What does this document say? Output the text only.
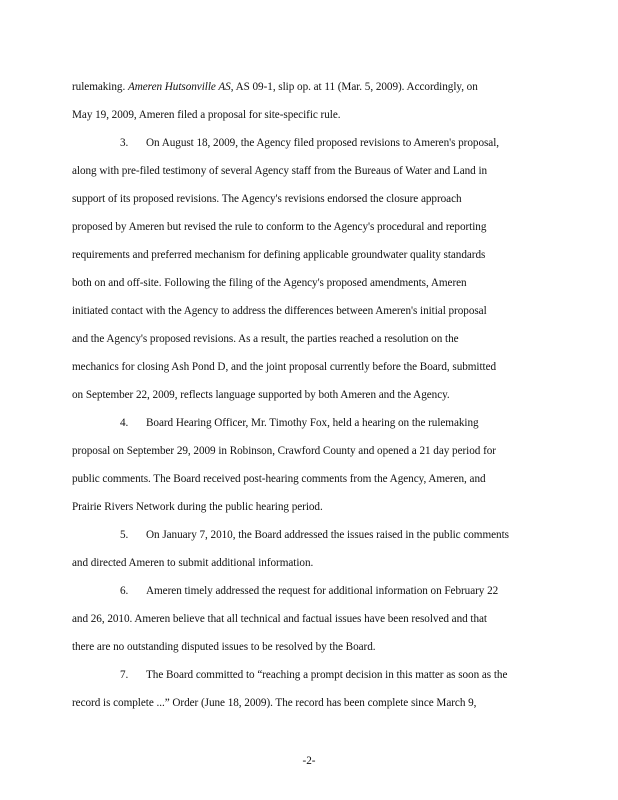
rulemaking. Ameren Hutsonville AS, AS 09-1, slip op. at 11 (Mar. 5, 2009). Accordingly, on
May 19, 2009, Ameren filed a proposal for site-specific rule.
3. On August 18, 2009, the Agency filed proposed revisions to Ameren's proposal,
along with pre-filed testimony of several Agency staff from the Bureaus of Water and Land in
support of its proposed revisions. The Agency's revisions endorsed the closure approach
proposed by Ameren but revised the rule to conform to the Agency's procedural and reporting
requirements and preferred mechanism for defining applicable groundwater quality standards
both on and off-site. Following the filing of the Agency's proposed amendments, Ameren
initiated contact with the Agency to address the differences between Ameren's initial proposal
and the Agency's proposed revisions. As a result, the parties reached a resolution on the
mechanics for closing Ash Pond D, and the joint proposal currently before the Board, submitted
on September 22, 2009, reflects language supported by both Ameren and the Agency.
4. Board Hearing Officer, Mr. Timothy Fox, held a hearing on the rulemaking
proposal on September 29, 2009 in Robinson, Crawford County and opened a 21 day period for
public comments. The Board received post-hearing comments from the Agency, Ameren, and
Prairie Rivers Network during the public hearing period.
5. On January 7, 2010, the Board addressed the issues raised in the public comments
and directed Ameren to submit additional information.
6. Ameren timely addressed the request for additional information on February 22
and 26, 2010. Ameren believe that all technical and factual issues have been resolved and that
there are no outstanding disputed issues to be resolved by the Board.
7. The Board committed to “reaching a prompt decision in this matter as soon as the
record is complete ...” Order (June 18, 2009). The record has been complete since March 9,
-2-
